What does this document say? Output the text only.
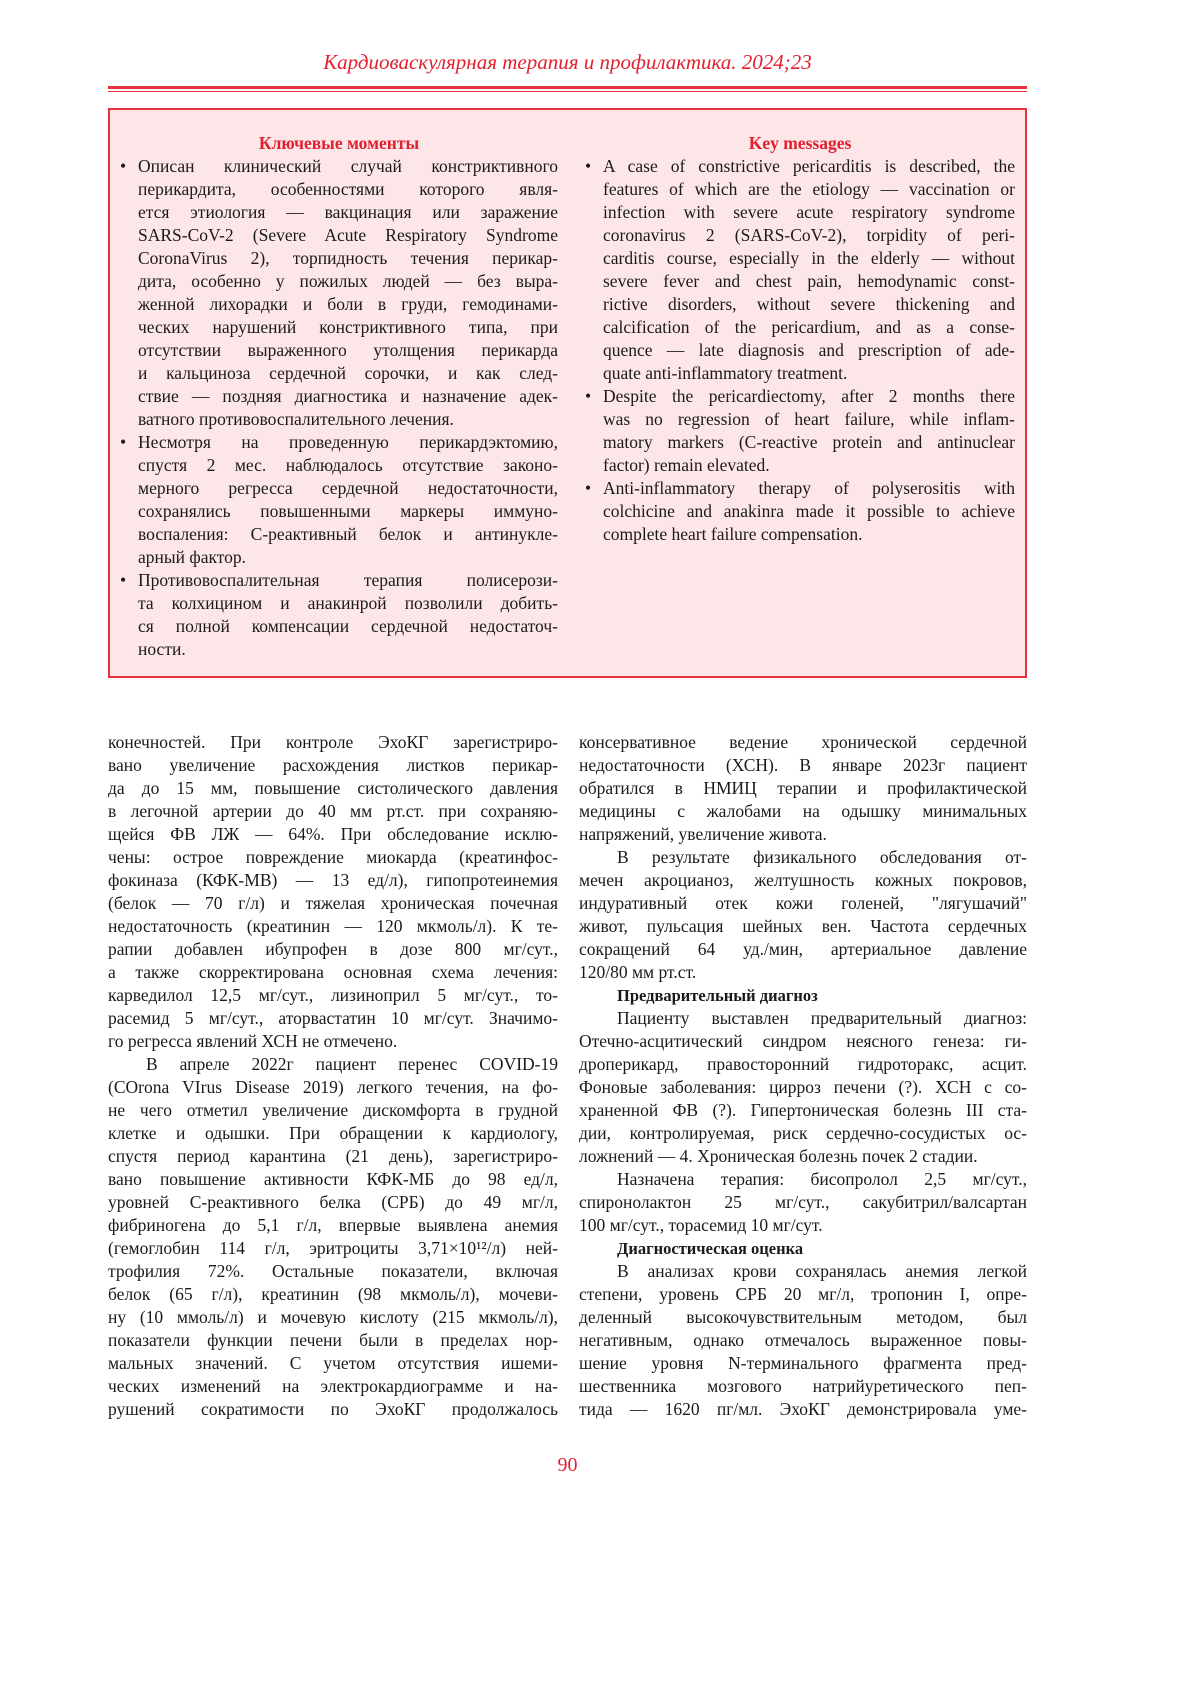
Кардиоваскулярная терапия и профилактика. 2024;23
Ключевые моменты
• Описан клинический случай констриктивного
перикардита, особенностями которого явля-
ется этиология — вакцинация или заражение
SARS-CoV-2 (Severe Acute Respiratory Syndrome
CoronaVirus 2), торпидность течения перикар-
дита, особенно у пожилых людей — без выра-
женной лихорадки и боли в груди, гемодинами-
ческих нарушений констриктивного типа, при
отсутствии выраженного утолщения перикарда
и кальциноза сердечной сорочки, и как след-
ствие — поздняя диагностика и назначение адек-
ватного противовоспалительного лечения.
• Несмотря на проведенную перикардэктомию,
спустя 2 мес. наблюдалось отсутствие законо-
мерного регресса сердечной недостаточности,
сохранялись повышенными маркеры иммуно-
воспаления: С-реактивный белок и антинукле-
арный фактор.
• Противовоспалительная терапия полисерози-
та колхицином и анакинрой позволили добить-
ся полной компенсации сердечной недостаточ-
ности.
Key messages
• A case of constrictive pericarditis is described, the
features of which are the etiology — vaccination or
infection with severe acute respiratory syndrome
coronavirus 2 (SARS-CoV-2), torpidity of peri-
carditis course, especially in the elderly — without
severe fever and chest pain, hemodynamic const-
rictive disorders, without severe thickening and
calcification of the pericardium, and as a conse-
quence — late diagnosis and prescription of ade-
quate anti-inflammatory treatment.
• Despite the pericardiectomy, after 2 months there
was no regression of heart failure, while inflam-
matory markers (C-reactive protein and antinuclear
factor) remain elevated.
• Anti-inflammatory therapy of polyserositis with
colchicine and anakinra made it possible to achieve
complete heart failure compensation.
конечностей. При контроле ЭхоКГ зарегистриро-
вано увеличение расхождения листков перикар-
да до 15 мм, повышение систолического давления
в легочной артерии до 40 мм рт.ст. при сохраняю-
щейся ФВ ЛЖ — 64%. При обследование исклю-
чены: острое повреждение миокарда (креатинфос-
фокиназа (КФК-МВ) — 13 ед/л), гипопротеинемия
(белок — 70 г/л) и тяжелая хроническая почечная
недостаточность (креатинин — 120 мкмоль/л). К те-
рапии добавлен ибупрофен в дозе 800 мг/сут.,
а также скорректирована основная схема лечения:
карведилол 12,5 мг/сут., лизиноприл 5 мг/сут., то-
расемид 5 мг/сут., аторвастатин 10 мг/сут. Значимо-
го регресса явлений ХСН не отмечено.
В апреле 2022г пациент перенес COVID-19
(COrona VIrus Disease 2019) легкого течения, на фо-
не чего отметил увеличение дискомфорта в грудной
клетке и одышки. При обращении к кардиологу,
спустя период карантина (21 день), зарегистриро-
вано повышение активности КФК-МБ до 98 ед/л,
уровней С-реактивного белка (СРБ) до 49 мг/л,
фибриногена до 5,1 г/л, впервые выявлена анемия
(гемоглобин 114 г/л, эритроциты 3,71×10¹²/л) ней-
трофилия 72%. Остальные показатели, включая
белок (65 г/л), креатинин (98 мкмоль/л), мочеви-
ну (10 ммоль/л) и мочевую кислоту (215 мкмоль/л),
показатели функции печени были в пределах нор-
мальных значений. С учетом отсутствия ишеми-
ческих изменений на электрокардиограмме и на-
рушений сократимости по ЭхоКГ продолжалось
консервативное ведение хронической сердечной
недостаточности (ХСН). В январе 2023г пациент
обратился в НМИЦ терапии и профилактической
медицины с жалобами на одышку минимальных
напряжений, увеличение живота.
В результате физикального обследования от-
мечен акроцианоз, желтушность кожных покровов,
индуративный отек кожи голеней, "лягушачий"
живот, пульсация шейных вен. Частота сердечных
сокращений 64 уд./мин, артериальное давление
120/80 мм рт.ст.
Предварительный диагноз
Пациенту выставлен предварительный диагноз:
Отечно-асцитический синдром неясного генеза: ги-
дроперикард, правосторонний гидроторакс, асцит.
Фоновые заболевания: цирроз печени (?). ХСН с со-
храненной ФВ (?). Гипертоническая болезнь III ста-
дии, контролируемая, риск сердечно-сосудистых ос-
ложнений — 4. Хроническая болезнь почек 2 стадии.
Назначена терапия: бисопролол 2,5 мг/сут.,
спиронолактон 25 мг/сут., сакубитрил/валсартан
100 мг/сут., торасемид 10 мг/сут.
Диагностическая оценка
В анализах крови сохранялась анемия легкой
степени, уровень СРБ 20 мг/л, тропонин I, опре-
деленный высокочувствительным методом, был
негативным, однако отмечалось выраженное повы-
шение уровня N-терминального фрагмента пред-
шественника мозгового натрийуретического пеп-
тида — 1620 пг/мл. ЭхоКГ демонстрировала уме-
90
